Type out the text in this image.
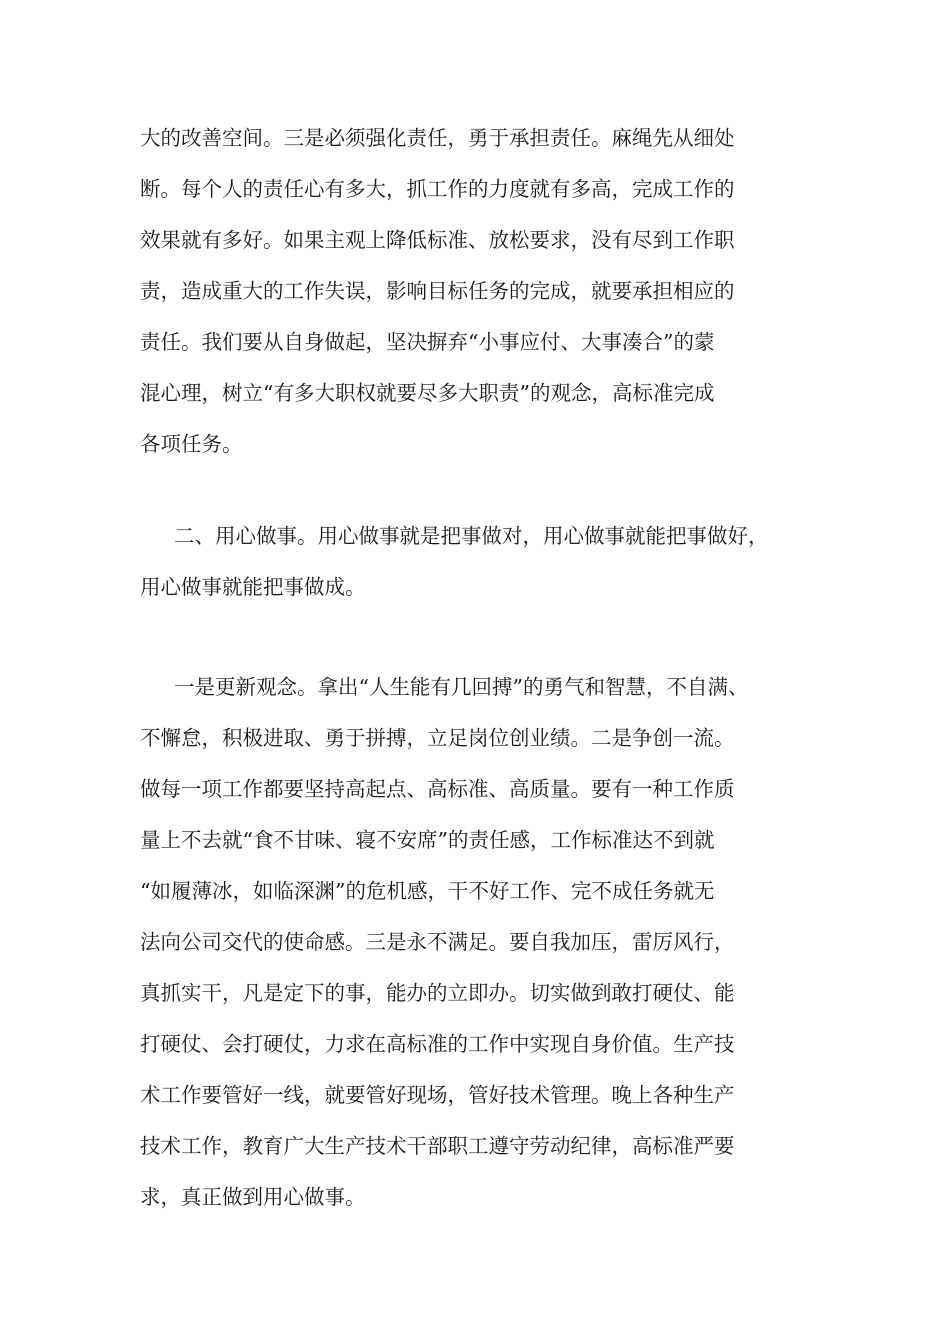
大的改善空间。三是必须强化责任，勇于承担责任。麻绳先从细处
断。每个人的责任心有多大，抓工作的力度就有多高，完成工作的
效果就有多好。如果主观上降低标准、放松要求，没有尽到工作职
责，造成重大的工作失误，影响目标任务的完成，就要承担相应的
责任。我们要从自身做起，坚决摒弃“小事应付、大事凑合”的蒙
混心理，树立“有多大职权就要尽多大职责”的观念，高标准完成
各项任务。
二、用心做事。用心做事就是把事做对，用心做事就能把事做好，
用心做事就能把事做成。
一是更新观念。拿出“人生能有几回搏”的勇气和智慧，不自满、
不懈怠，积极进取、勇于拼搏，立足岗位创业绩。二是争创一流。
做每一项工作都要坚持高起点、高标准、高质量。要有一种工作质
量上不去就“食不甘味、寝不安席”的责任感，工作标准达不到就
“如履薄冰，如临深渊”的危机感，干不好工作、完不成任务就无
法向公司交代的使命感。三是永不满足。要自我加压，雷厉风行，
真抓实干，凡是定下的事，能办的立即办。切实做到敢打硬仗、能
打硬仗、会打硬仗，力求在高标准的工作中实现自身价值。生产技
术工作要管好一线，就要管好现场，管好技术管理。晚上各种生产
技术工作，教育广大生产技术干部职工遵守劳动纪律，高标准严要
求，真正做到用心做事。
